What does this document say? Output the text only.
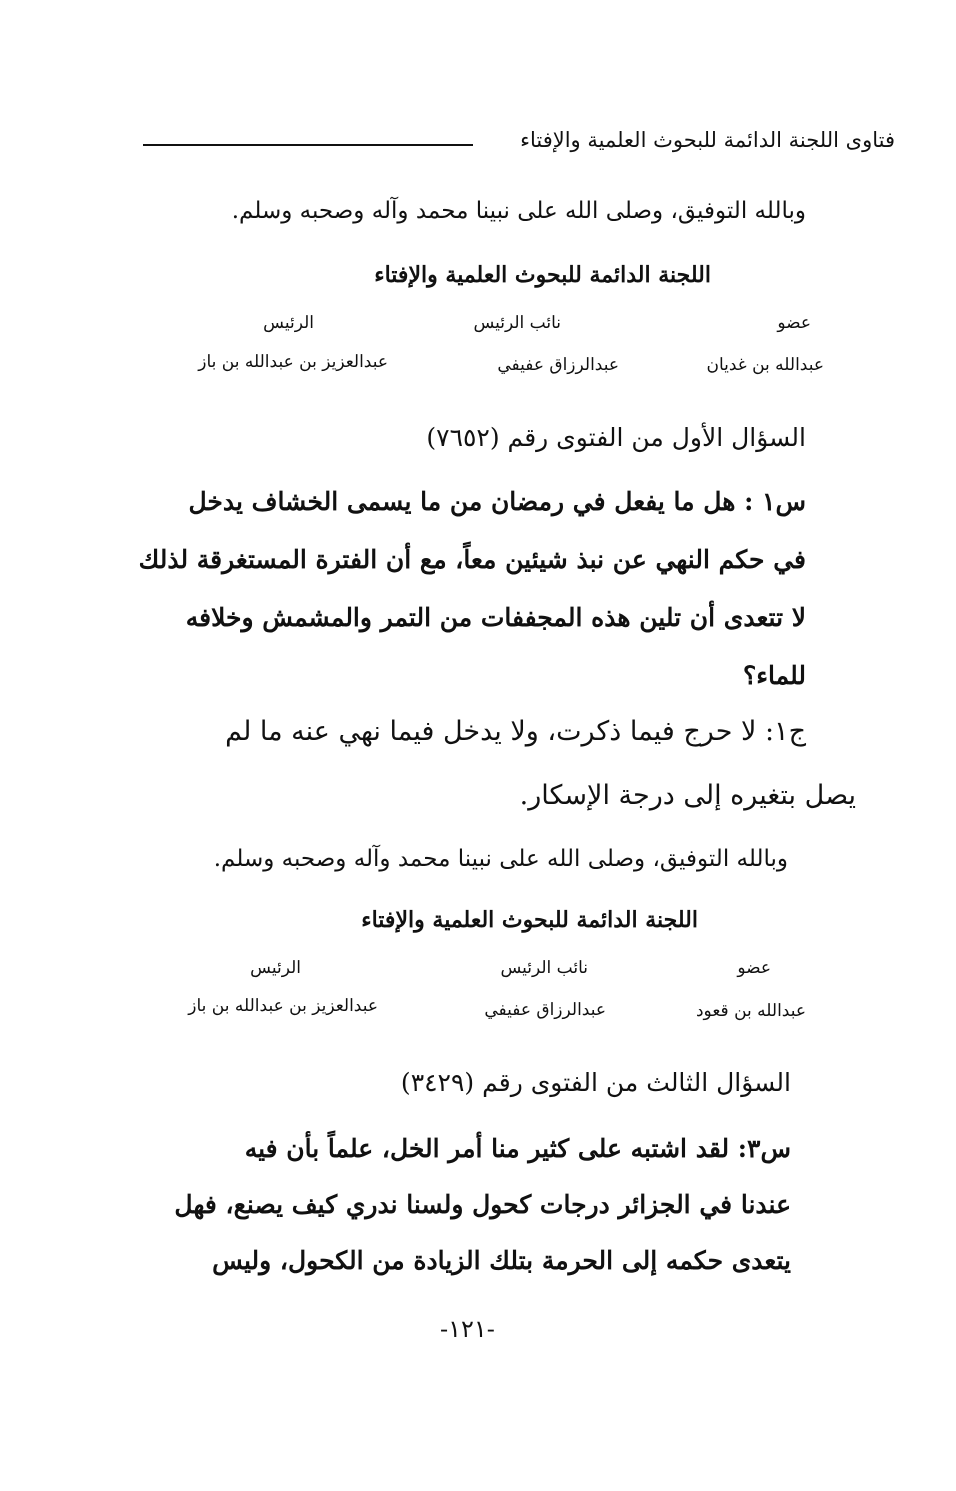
فتاوى اللجنة الدائمة للبحوث العلمية والإفتاء
وبالله التوفيق، وصلى الله على نبينا محمد وآله وصحبه وسلم.
اللجنة الدائمة للبحوث العلمية والإفتاء
عضو
نائب الرئيس
الرئيس
عبدالله بن غديان
عبدالرزاق عفيفي
عبدالعزيز بن عبدالله بن باز
السؤال الأول من الفتوى رقم (٧٦٥٢)
س١ : هل ما يفعل في رمضان من ما يسمى الخشاف يدخل
في حكم النهي عن نبذ شيئين معاً، مع أن الفترة المستغرقة لذلك
لا تتعدى أن تلين هذه المجففات من التمر والمشمش وخلافه
للماء؟
ج١: لا حرج فيما ذكرت، ولا يدخل فيما نهي عنه ما لم
يصل بتغيره إلى درجة الإسكار.
وبالله التوفيق، وصلى الله على نبينا محمد وآله وصحبه وسلم.
اللجنة الدائمة للبحوث العلمية والإفتاء
عضو
نائب الرئيس
الرئيس
عبدالله بن قعود
عبدالرزاق عفيفي
عبدالعزيز بن عبدالله بن باز
السؤال الثالث من الفتوى رقم (٣٤٢٩)
س٣: لقد اشتبه على كثير منا أمر الخل، علماً بأن فيه
عندنا في الجزائر درجات كحول ولسنا ندري كيف يصنع، فهل
يتعدى حكمه إلى الحرمة بتلك الزيادة من الكحول، وليس
-١٢١-
